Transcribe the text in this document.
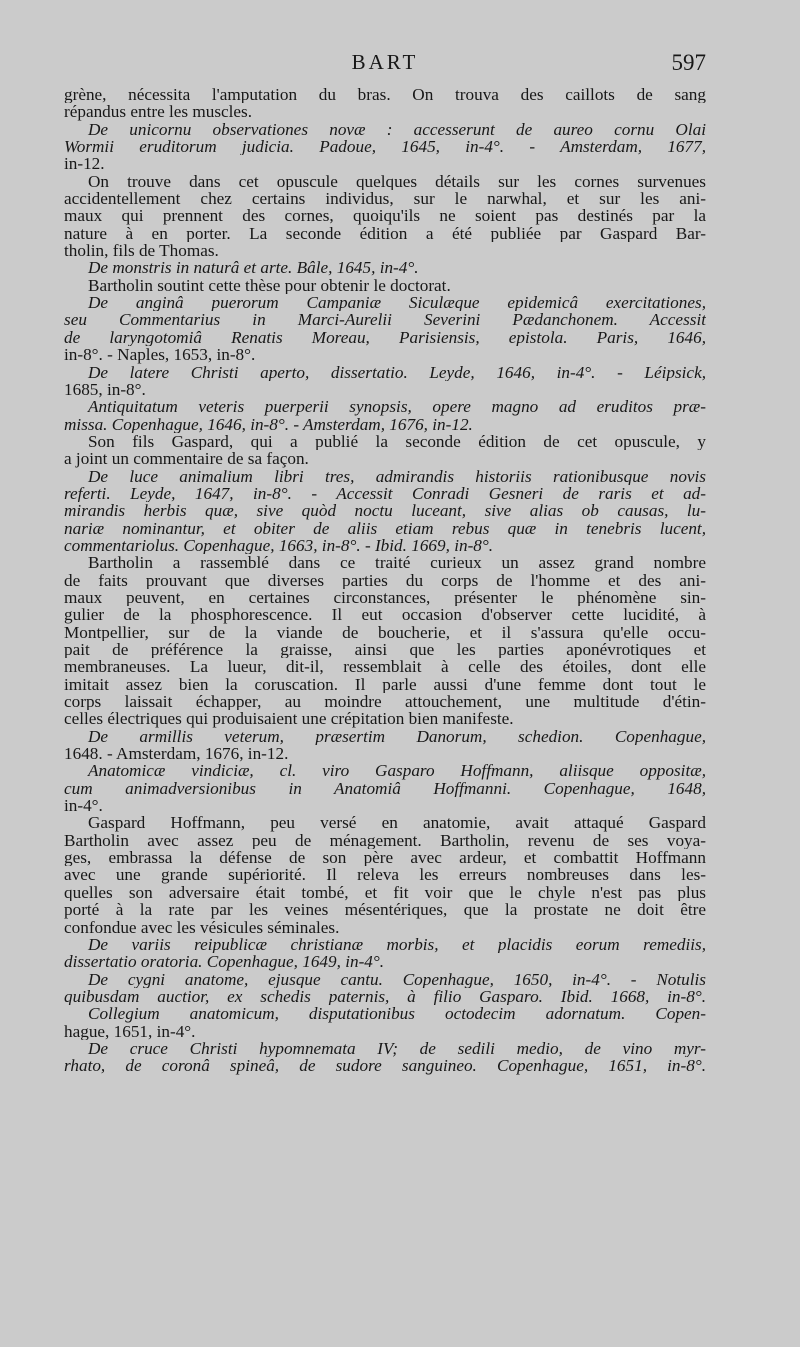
BART	597
grène, nécessita l'amputation du bras. On trouva des caillots de sang
répandus entre les muscles.
De unicornu observationes novæ : accesserunt de aureo cornu Olai
Wormii eruditorum judicia. Padoue, 1645, in-4°. - Amsterdam, 1677,
in-12.
On trouve dans cet opuscule quelques détails sur les cornes survenues
accidentellement chez certains individus, sur le narwhal, et sur les ani-
maux qui prennent des cornes, quoiqu'ils ne soient pas destinés par la
nature à en porter. La seconde édition a été publiée par Gaspard Bar-
tholin, fils de Thomas.
De monstris in naturâ et arte. Bâle, 1645, in-4°.
Bartholin soutint cette thèse pour obtenir le doctorat.
De anginâ puerorum Campaniæ Siculæque epidemicâ exercitationes,
seu Commentarius in Marci-Aurelii Severini Pædanchonem. Accessit
de laryngotomiâ Renatis Moreau, Parisiensis, epistola. Paris, 1646,
in-8°. - Naples, 1653, in-8°.
De latere Christi aperto, dissertatio. Leyde, 1646, in-4°. - Léipsick,
1685, in-8°.
Antiquitatum veteris puerperii synopsis, opere magno ad eruditos præ-
missa. Copenhague, 1646, in-8°. - Amsterdam, 1676, in-12.
Son fils Gaspard, qui a publié la seconde édition de cet opuscule, y
a joint un commentaire de sa façon.
De luce animalium libri tres, admirandis historiis rationibusque novis
referti. Leyde, 1647, in-8°. - Accessit Conradi Gesneri de raris et ad-
mirandis herbis quæ, sive quòd noctu luceant, sive alias ob causas, lu-
nariæ nominantur, et obiter de aliis etiam rebus quæ in tenebris lucent,
commentariolus. Copenhague, 1663, in-8°. - Ibid. 1669, in-8°.
Bartholin a rassemblé dans ce traité curieux un assez grand nombre
de faits prouvant que diverses parties du corps de l'homme et des ani-
maux peuvent, en certaines circonstances, présenter le phénomène sin-
gulier de la phosphorescence. Il eut occasion d'observer cette lucidité, à
Montpellier, sur de la viande de boucherie, et il s'assura qu'elle occu-
pait de préférence la graisse, ainsi que les parties aponévrotiques et
membraneuses. La lueur, dit-il, ressemblait à celle des étoiles, dont elle
imitait assez bien la coruscation. Il parle aussi d'une femme dont tout le
corps laissait échapper, au moindre attouchement, une multitude d'étin-
celles électriques qui produisaient une crépitation bien manifeste.
De armillis veterum, præsertim Danorum, schedion. Copenhague,
1648. - Amsterdam, 1676, in-12.
Anatomicæ vindiciæ, cl. viro Gasparo Hoffmann, aliisque oppositæ,
cum animadversionibus in Anatomiâ Hoffmanni. Copenhague, 1648,
in-4°.
Gaspard Hoffmann, peu versé en anatomie, avait attaqué Gaspard
Bartholin avec assez peu de ménagement. Bartholin, revenu de ses voya-
ges, embrassa la défense de son père avec ardeur, et combattit Hoffmann
avec une grande supériorité. Il releva les erreurs nombreuses dans les-
quelles son adversaire était tombé, et fit voir que le chyle n'est pas plus
porté à la rate par les veines mésentériques, que la prostate ne doit être
confondue avec les vésicules séminales.
De variis reipublicæ christianæ morbis, et placidis eorum remediis,
dissertatio oratoria. Copenhague, 1649, in-4°.
De cygni anatome, ejusque cantu. Copenhague, 1650, in-4°. - Notulis
quibusdam auctior, ex schedis paternis, à filio Gasparo. Ibid. 1668, in-8°.
Collegium anatomicum, disputationibus octodecim adornatum. Copen-
hague, 1651, in-4°.
De cruce Christi hypomnemata IV; de sedili medio, de vino myr-
rhato, de coronâ spineâ, de sudore sanguineo. Copenhague, 1651, in-8°.
